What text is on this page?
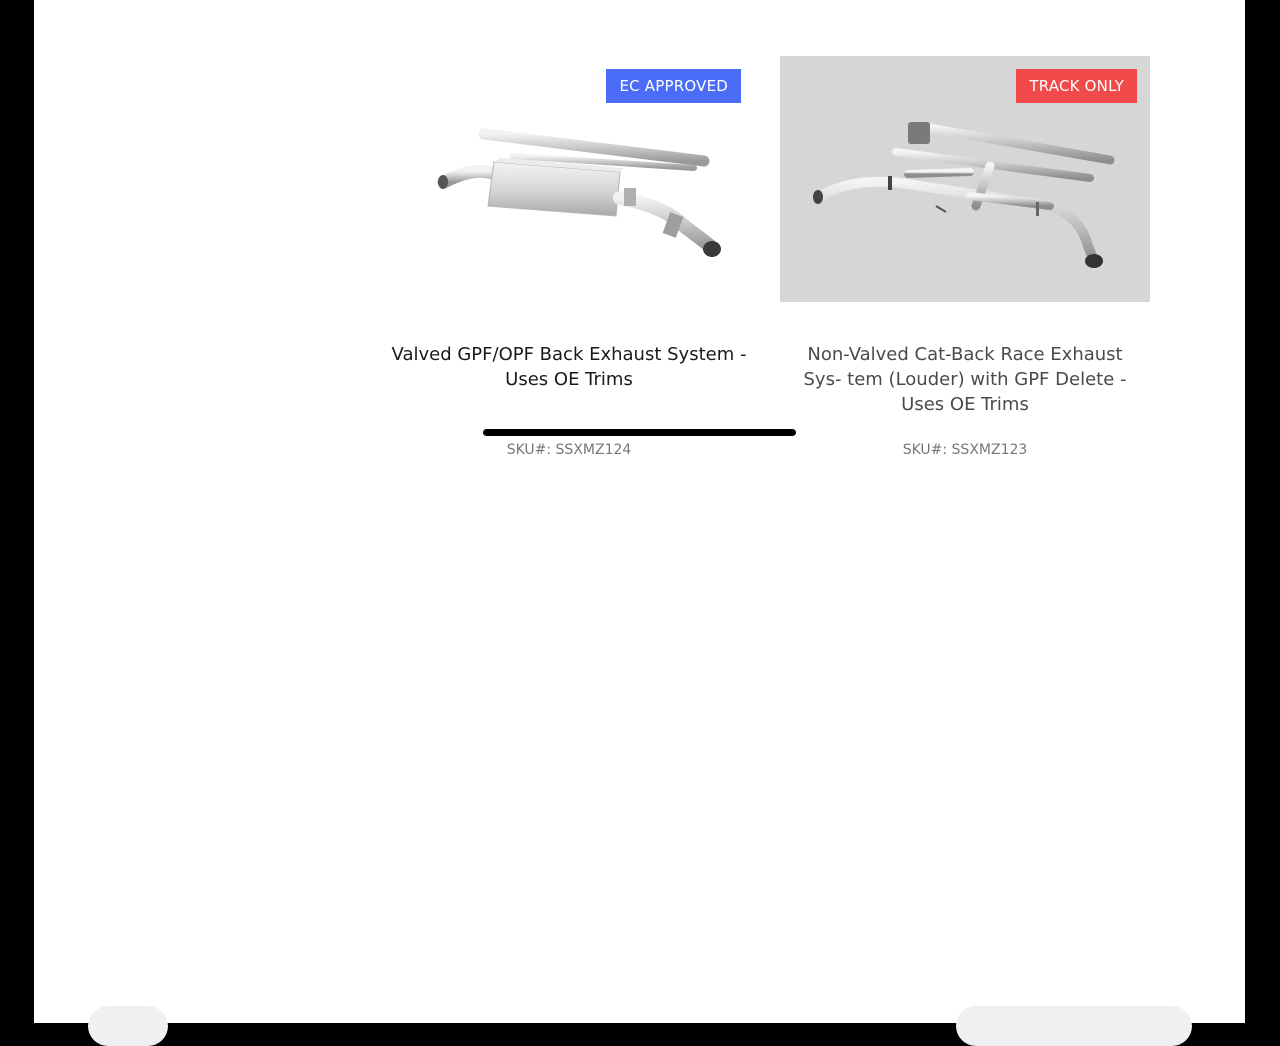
EC APPROVED
Valved GPF/OPF Back Exhaust System - Uses OE Trims
TRACK ONLY
Non-Valved Cat-Back Race Exhaust Sys- tem (Louder) with GPF Delete - Uses OE Trims
SKU#: SSXMZ124	SKU#: SSXMZ123
